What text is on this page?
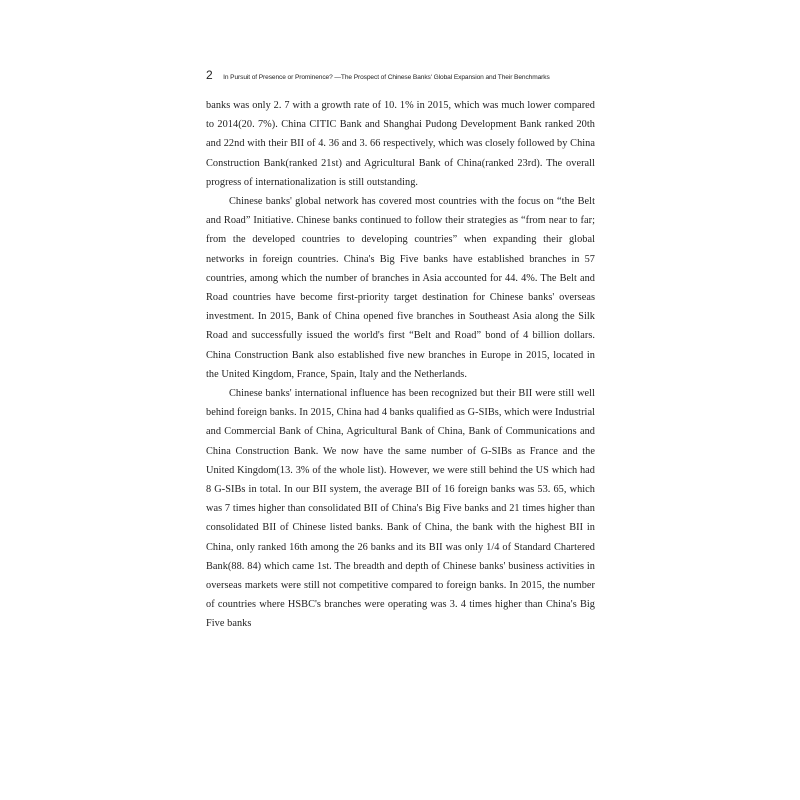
2 In Pursuit of Presence or Prominence? —The Prospect of Chinese Banks' Global Expansion and Their Benchmarks

banks was only 2. 7 with a growth rate of 10. 1% in 2015, which was much lower compared to 2014(20. 7%). China CITIC Bank and Shanghai Pudong Development Bank ranked 20th and 22nd with their BII of 4. 36 and 3. 66 respectively, which was closely followed by China Construction Bank(ranked 21st) and Agricultural Bank of China(ranked 23rd). The overall progress of internationalization is still outstanding.

Chinese banks' global network has covered most countries with the focus on “the Belt and Road” Initiative. Chinese banks continued to follow their strategies as “from near to far; from the developed countries to developing countries” when expanding their global networks in foreign countries. China's Big Five banks have established branches in 57 countries, among which the number of branches in Asia accounted for 44. 4%. The Belt and Road countries have become first-priority target destination for Chinese banks' overseas investment. In 2015, Bank of China opened five branches in Southeast Asia along the Silk Road and successfully issued the world's first “Belt and Road” bond of 4 billion dollars. China Construction Bank also established five new branches in Europe in 2015, located in the United Kingdom, France, Spain, Italy and the Netherlands.

Chinese banks' international influence has been recognized but their BII were still well behind foreign banks. In 2015, China had 4 banks qualified as G-SIBs, which were Industrial and Commercial Bank of China, Agricultural Bank of China, Bank of Communications and China Construction Bank. We now have the same number of G-SIBs as France and the United Kingdom(13. 3% of the whole list). However, we were still behind the US which had 8 G-SIBs in total. In our BII system, the average BII of 16 foreign banks was 53. 65, which was 7 times higher than consolidated BII of China's Big Five banks and 21 times higher than consolidated BII of Chinese listed banks. Bank of China, the bank with the highest BII in China, only ranked 16th among the 26 banks and its BII was only 1/4 of Standard Chartered Bank(88. 84) which came 1st. The breadth and depth of Chinese banks' business activities in overseas markets were still not competitive compared to foreign banks. In 2015, the number of countries where HSBC's branches were operating was 3. 4 times higher than China's Big Five banks
